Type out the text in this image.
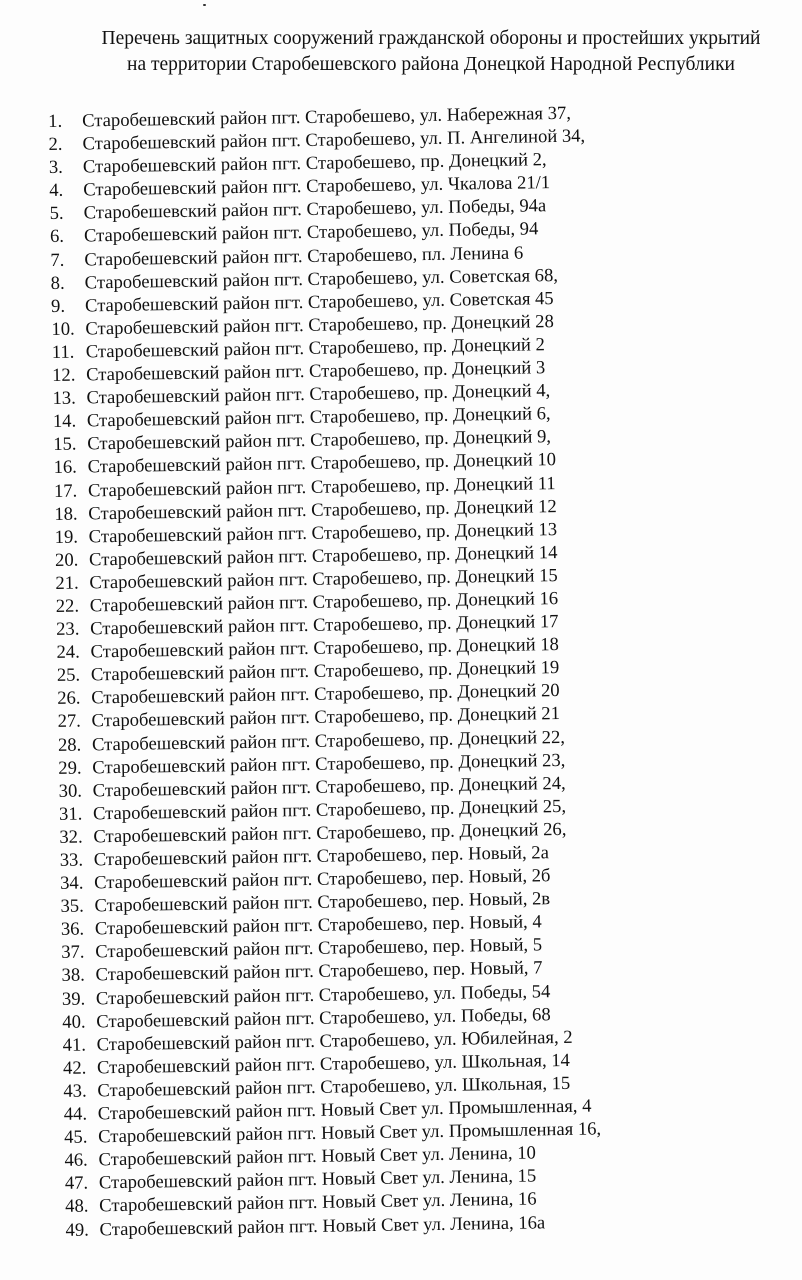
Перечень защитных сооружений гражданской обороны и простейших укрытий
на территории Старобешевского района Донецкой Народной Республики
1.	Старобешевский район пгт. Старобешево, ул. Набережная 37,
2.	Старобешевский район пгт. Старобешево, ул. П. Ангелиной 34,
3.	Старобешевский район пгт. Старобешево, пр. Донецкий 2,
4.	Старобешевский район пгт. Старобешево, ул. Чкалова 21/1
5.	Старобешевский район пгт. Старобешево, ул. Победы, 94а
6.	Старобешевский район пгт. Старобешево, ул. Победы, 94
7.	Старобешевский район пгт. Старобешево, пл. Ленина 6
8.	Старобешевский район пгт. Старобешево, ул. Советская 68,
9.	Старобешевский район пгт. Старобешево, ул. Советская 45
10. Старобешевский район пгт. Старобешево, пр. Донецкий 28
11. Старобешевский район пгт. Старобешево, пр. Донецкий 2
12. Старобешевский район пгт. Старобешево, пр. Донецкий 3
13. Старобешевский район пгт. Старобешево, пр. Донецкий 4,
14. Старобешевский район пгт. Старобешево, пр. Донецкий 6,
15. Старобешевский район пгт. Старобешево, пр. Донецкий 9,
16. Старобешевский район пгт. Старобешево, пр. Донецкий 10
17. Старобешевский район пгт. Старобешево, пр. Донецкий 11
18. Старобешевский район пгт. Старобешево, пр. Донецкий 12
19. Старобешевский район пгт. Старобешево, пр. Донецкий 13
20. Старобешевский район пгт. Старобешево, пр. Донецкий 14
21. Старобешевский район пгт. Старобешево, пр. Донецкий 15
22. Старобешевский район пгт. Старобешево, пр. Донецкий 16
23. Старобешевский район пгт. Старобешево, пр. Донецкий 17
24. Старобешевский район пгт. Старобешево, пр. Донецкий 18
25. Старобешевский район пгт. Старобешево, пр. Донецкий 19
26. Старобешевский район пгт. Старобешево, пр. Донецкий 20
27. Старобешевский район пгт. Старобешево, пр. Донецкий 21
28. Старобешевский район пгт. Старобешево, пр. Донецкий 22,
29. Старобешевский район пгт. Старобешево, пр. Донецкий 23,
30. Старобешевский район пгт. Старобешево, пр. Донецкий 24,
31. Старобешевский район пгт. Старобешево, пр. Донецкий 25,
32. Старобешевский район пгт. Старобешево, пр. Донецкий 26,
33. Старобешевский район пгт. Старобешево, пер. Новый, 2а
34. Старобешевский район пгт. Старобешево, пер. Новый, 2б
35. Старобешевский район пгт. Старобешево, пер. Новый, 2в
36. Старобешевский район пгт. Старобешево, пер. Новый, 4
37. Старобешевский район пгт. Старобешево, пер. Новый, 5
38. Старобешевский район пгт. Старобешево, пер. Новый, 7
39. Старобешевский район пгт. Старобешево, ул. Победы, 54
40. Старобешевский район пгт. Старобешево, ул. Победы, 68
41. Старобешевский район пгт. Старобешево, ул. Юбилейная, 2
42. Старобешевский район пгт. Старобешево, ул. Школьная, 14
43. Старобешевский район пгт. Старобешево, ул. Школьная, 15
44. Старобешевский район пгт. Новый Свет ул. Промышленная, 4
45. Старобешевский район пгт. Новый Свет ул. Промышленная 16,
46. Старобешевский район пгт. Новый Свет ул. Ленина, 10
47. Старобешевский район пгт. Новый Свет ул. Ленина, 15
48. Старобешевский район пгт. Новый Свет ул. Ленина, 16
49. Старобешевский район пгт. Новый Свет ул. Ленина, 16а
